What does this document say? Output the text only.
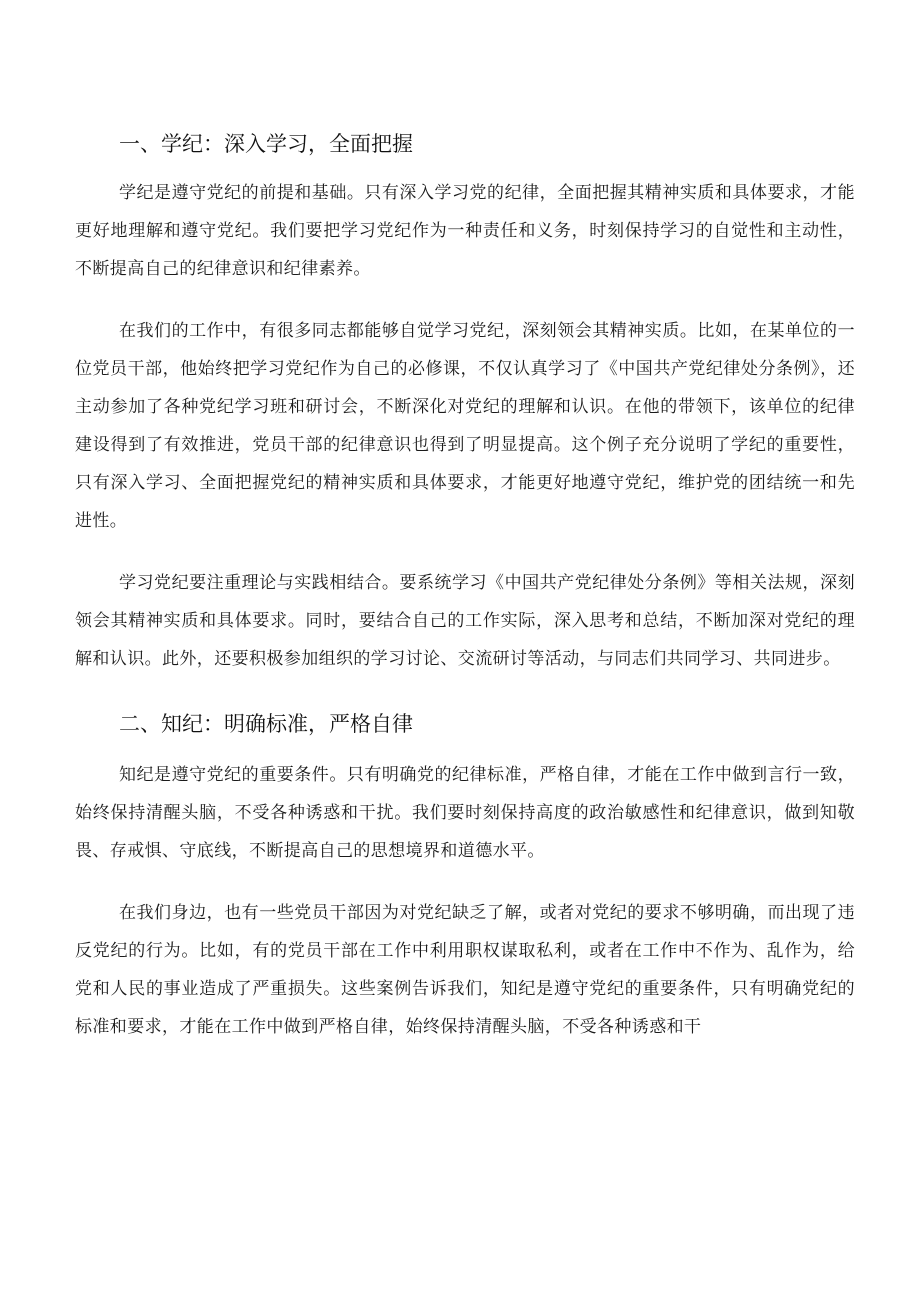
一、学纪：深入学习，全面把握

学纪是遵守党纪的前提和基础。只有深入学习党的纪律，全面把握其精神实质和具体要求，才能更好地理解和遵守党纪。我们要把学习党纪作为一种责任和义务，时刻保持学习的自觉性和主动性，不断提高自己的纪律意识和纪律素养。

在我们的工作中，有很多同志都能够自觉学习党纪，深刻领会其精神实质。比如，在某单位的一位党员干部，他始终把学习党纪作为自己的必修课，不仅认真学习了《中国共产党纪律处分条例》，还主动参加了各种党纪学习班和研讨会，不断深化对党纪的理解和认识。在他的带领下，该单位的纪律建设得到了有效推进，党员干部的纪律意识也得到了明显提高。这个例子充分说明了学纪的重要性，只有深入学习、全面把握党纪的精神实质和具体要求，才能更好地遵守党纪，维护党的团结统一和先进性。

学习党纪要注重理论与实践相结合。要系统学习《中国共产党纪律处分条例》等相关法规，深刻领会其精神实质和具体要求。同时，要结合自己的工作实际，深入思考和总结，不断加深对党纪的理解和认识。此外，还要积极参加组织的学习讨论、交流研讨等活动，与同志们共同学习、共同进步。

二、知纪：明确标准，严格自律

知纪是遵守党纪的重要条件。只有明确党的纪律标准，严格自律，才能在工作中做到言行一致，始终保持清醒头脑，不受各种诱惑和干扰。我们要时刻保持高度的政治敏感性和纪律意识，做到知敬畏、存戒惧、守底线，不断提高自己的思想境界和道德水平。

在我们身边，也有一些党员干部因为对党纪缺乏了解，或者对党纪的要求不够明确，而出现了违反党纪的行为。比如，有的党员干部在工作中利用职权谋取私利，或者在工作中不作为、乱作为，给党和人民的事业造成了严重损失。这些案例告诉我们，知纪是遵守党纪的重要条件，只有明确党纪的标准和要求，才能在工作中做到严格自律，始终保持清醒头脑，不受各种诱惑和干
